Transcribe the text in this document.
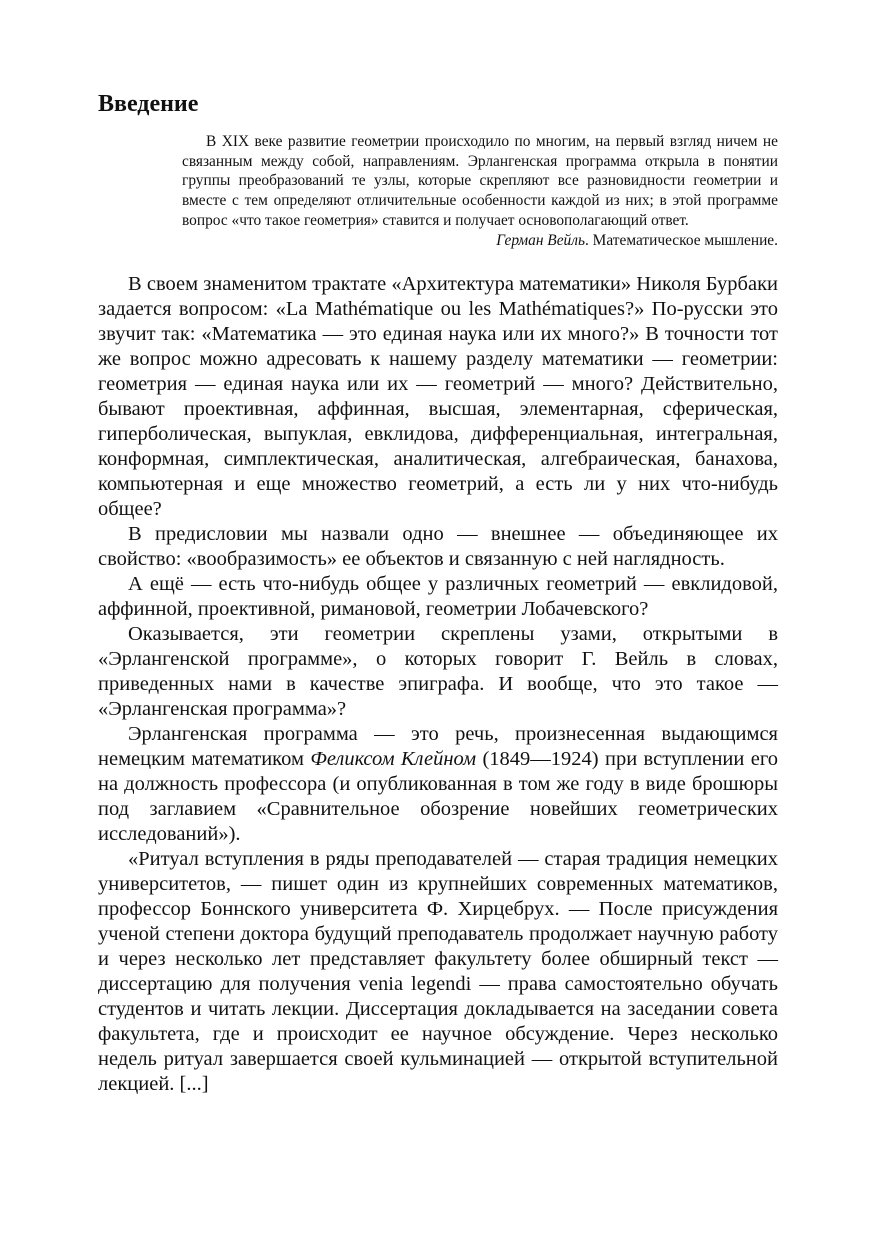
Введение

В XIX веке развитие геометрии происходило по многим, на первый взгляд ничем не связанным между собой, направлениям. Эрлангенская программа открыла в понятии группы преобразований те узлы, которые скрепляют все разновидности геометрии и вместе с тем определяют отличительные особенности каждой из них; в этой программе вопрос «что такое геометрия» ставится и получает основополагающий ответ.

Герман Вейль. Математическое мышление.

В своем знаменитом трактате «Архитектура математики» Николя Бурбаки задается вопросом: «La Mathématique ou les Mathématiques?» По-русски это звучит так: «Математика — это единая наука или их много?» В точности тот же вопрос можно адресовать к нашему разделу математики — геометрии: геометрия — единая наука или их — геометрий — много? Действительно, бывают проективная, аффинная, высшая, элементарная, сферическая, гиперболическая, выпуклая, евклидова, дифференциальная, интегральная, конформная, симплектическая, аналитическая, алгебраическая, банахова, компьютерная и еще множество геометрий, а есть ли у них что-нибудь общее?

В предисловии мы назвали одно — внешнее — объединяющее их свойство: «вообразимость» ее объектов и связанную с ней наглядность.

А ещё — есть что-нибудь общее у различных геометрий — евклидовой, аффинной, проективной, римановой, геометрии Лобачевского?

Оказывается, эти геометрии скреплены узами, открытыми в «Эрлангенской программе», о которых говорит Г. Вейль в словах, приведенных нами в качестве эпиграфа. И вообще, что это такое — «Эрлангенская программа»?

Эрлангенская программа — это речь, произнесенная выдающимся немецким математиком Феликсом Клейном (1849—1924) при вступлении его на должность профессора (и опубликованная в том же году в виде брошюры под заглавием «Сравнительное обозрение новейших геометрических исследований»).

«Ритуал вступления в ряды преподавателей — старая традиция немецких университетов, — пишет один из крупнейших современных математиков, профессор Боннского университета Ф. Хирцебрух. — После присуждения ученой степени доктора будущий преподаватель продолжает научную работу и через несколько лет представляет факультету более обширный текст — диссертацию для получения venia legendi — права самостоятельно обучать студентов и читать лекции. Диссертация докладывается на заседании совета факультета, где и происходит ее научное обсуждение. Через несколько недель ритуал завершается своей кульминацией — открытой вступительной лекцией. [...]
